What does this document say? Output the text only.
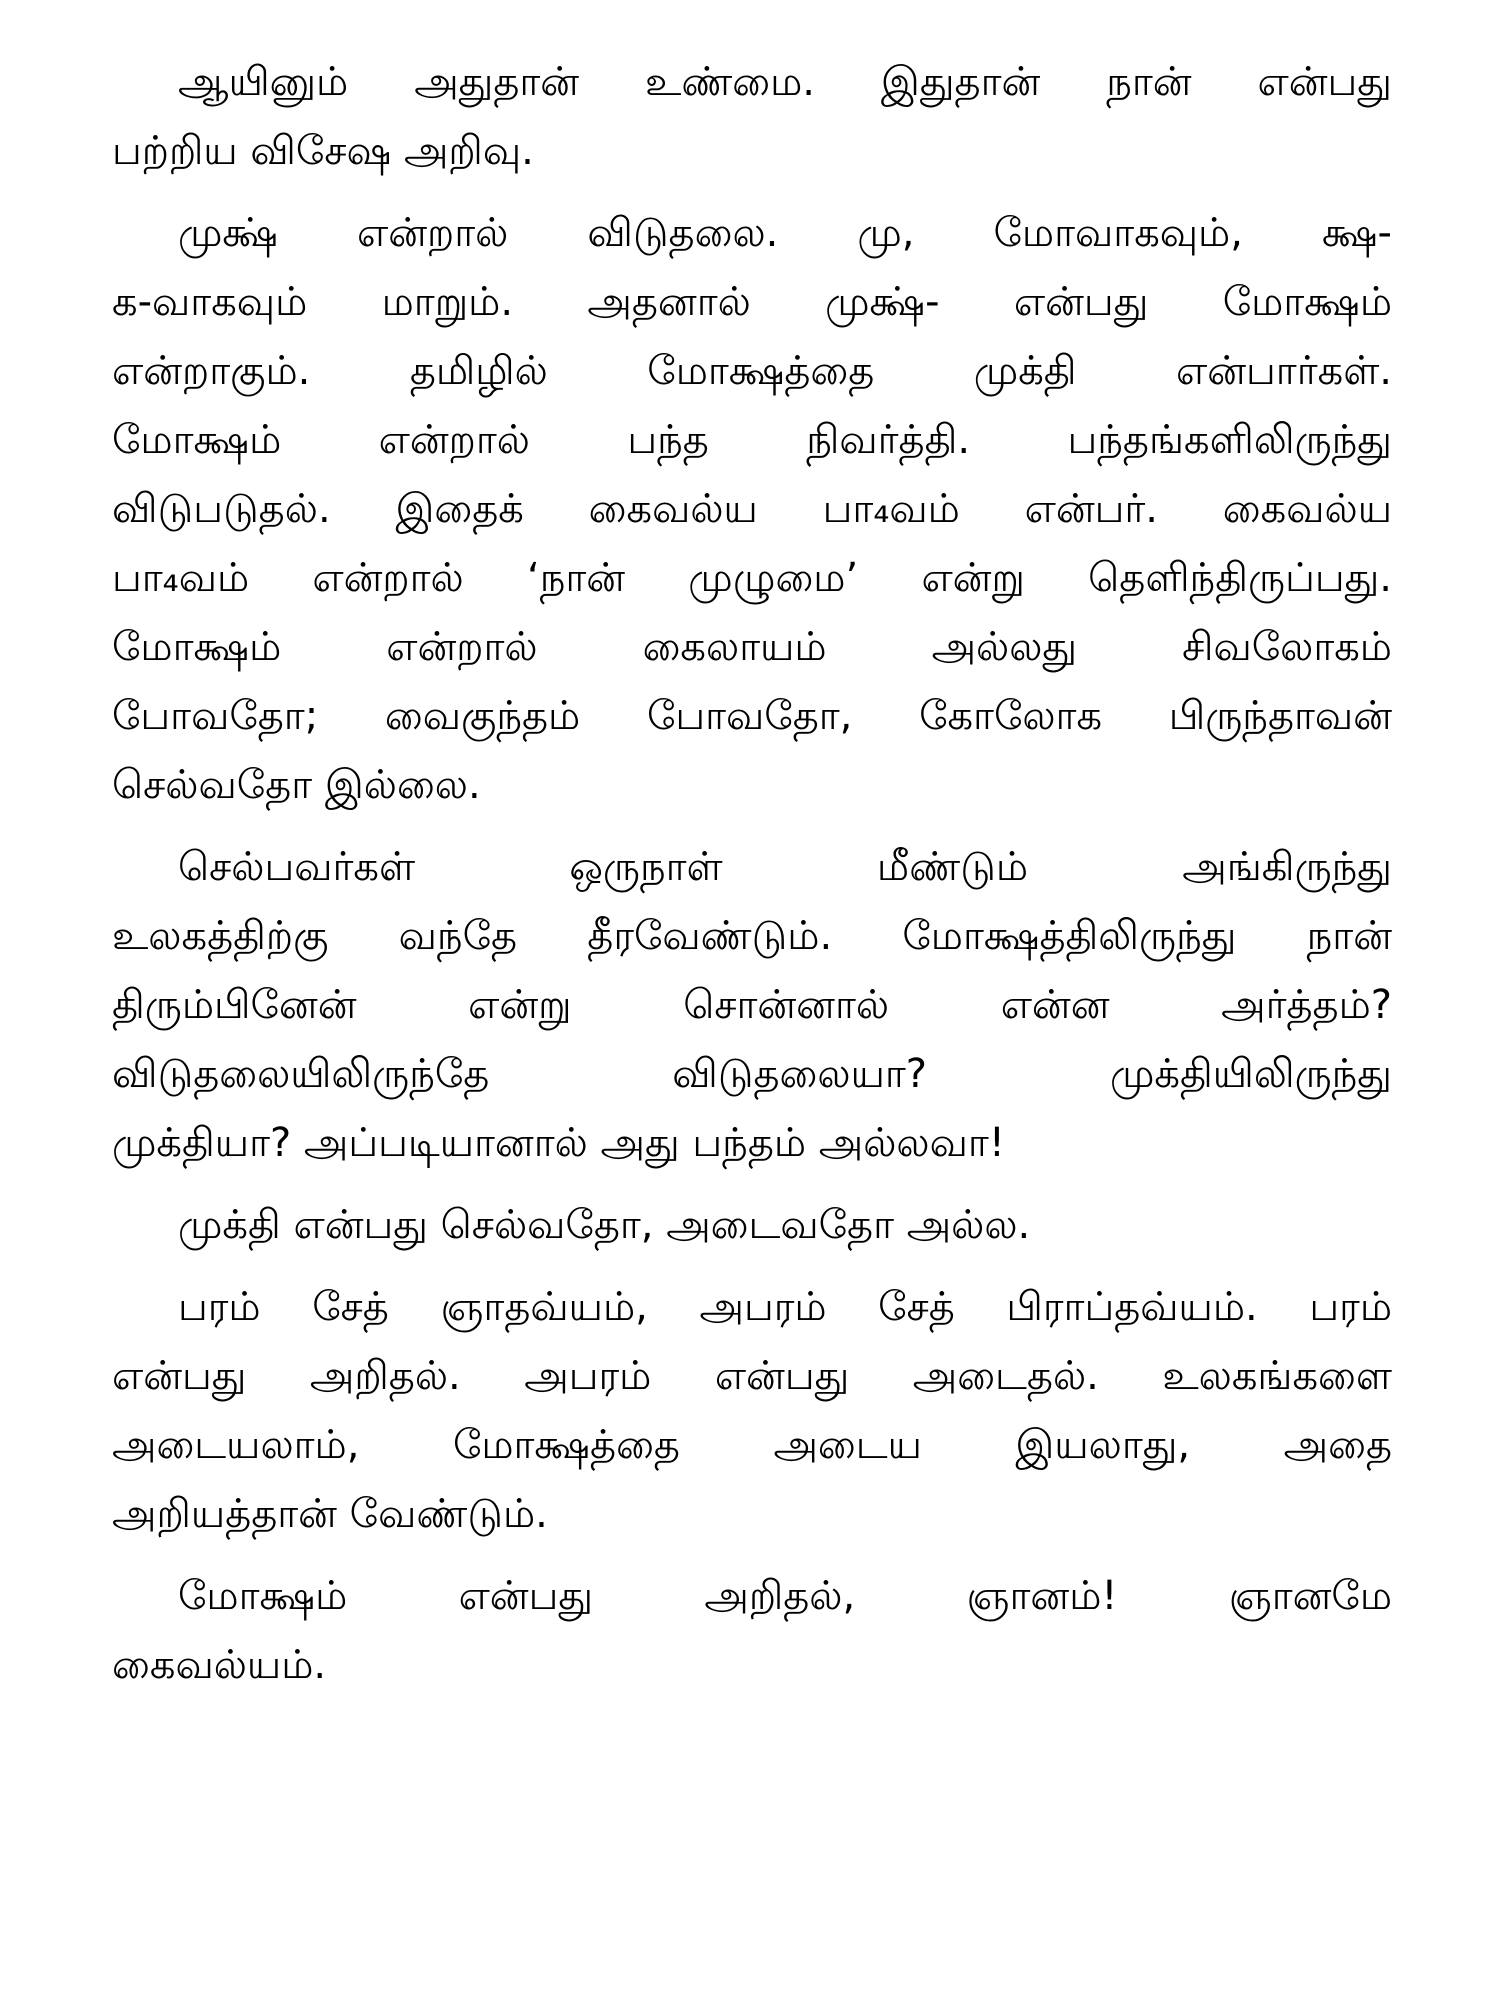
ஆயினும் அதுதான் உண்மை. இதுதான் நான் என்பது
பற்றிய விசேஷ அறிவு.

முக்ஷ் என்றால் விடுதலை. மு, மோவாகவும், க்ஷ-
க-வாகவும் மாறும். அதனால் முக்ஷ்- என்பது மோக்ஷம்
என்றாகும். தமிழில் மோக்ஷத்தை முக்தி என்பார்கள்.
மோக்ஷம் என்றால் பந்த நிவர்த்தி. பந்தங்களிலிருந்து
விடுபடுதல். இதைக் கைவல்ய பா₄வம் என்பர். கைவல்ய
பா₄வம் என்றால் ‘நான் முழுமை’ என்று தெளிந்திருப்பது.
மோக்ஷம் என்றால் கைலாயம் அல்லது சிவலோகம்
போவதோ; வைகுந்தம் போவதோ, கோலோக பிருந்தாவன்
செல்வதோ இல்லை.

செல்பவர்கள் ஒருநாள் மீண்டும் அங்கிருந்து
உலகத்திற்கு வந்தே தீரவேண்டும். மோக்ஷத்திலிருந்து நான்
திரும்பினேன் என்று சொன்னால் என்ன அர்த்தம்?
விடுதலையிலிருந்தே விடுதலையா? முக்தியிலிருந்து
முக்தியா? அப்படியானால் அது பந்தம் அல்லவா!

முக்தி என்பது செல்வதோ, அடைவதோ அல்ல.

பரம் சேத் ஞாதவ்யம், அபரம் சேத் பிராப்தவ்யம். பரம்
என்பது அறிதல். அபரம் என்பது அடைதல். உலகங்களை
அடையலாம், மோக்ஷத்தை அடைய இயலாது, அதை
அறியத்தான் வேண்டும்.

மோக்ஷம் என்பது அறிதல், ஞானம்! ஞானமே
கைவல்யம்.
